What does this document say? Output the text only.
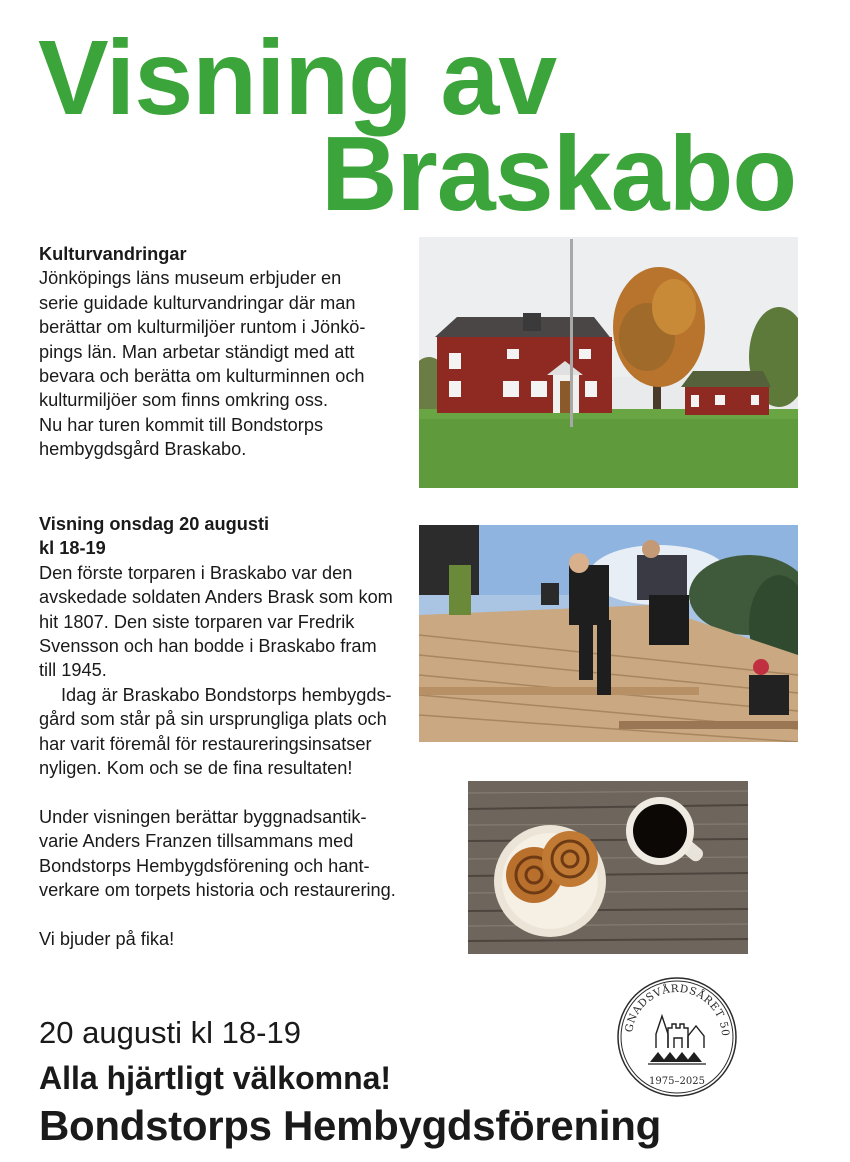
Visning av
Braskabo

Kulturvandringar

Jönköpings läns museum erbjuder en

serie guidade kulturvandringar där man

berättar om kulturmiljöer runtom i Jönkö-

pings län. Man arbetar ständigt med att

bevara och berätta om kulturminnen och

kulturmiljöer som finns omkring oss.

Nu har turen kommit till Bondstorps

hembygdsgård Braskabo.

Visning onsdag 20 augusti

kl 18-19

Den förste torparen i Braskabo var den

avskedade soldaten Anders Brask som kom

hit 1807. Den siste torparen var Fredrik

Svensson och han bodde i Braskabo fram

till 1945.

Idag är Braskabo Bondstorps hembygds-

gård som står på sin ursprungliga plats och

har varit föremål för restaureringsinsatser

nyligen. Kom och se de fina resultaten!

Under visningen berättar byggnadsantik-

varie Anders Franzen tillsammans med

Bondstorps Hembygdsförening och hant-

verkare om torpets historia och restaurering.

Vi bjuder på fika!

20 augusti kl 18-19

Alla hjärtligt välkomna!

Bondstorps Hembygdsförening

GNADSVÅRDSÅRET 50
1975–2025
